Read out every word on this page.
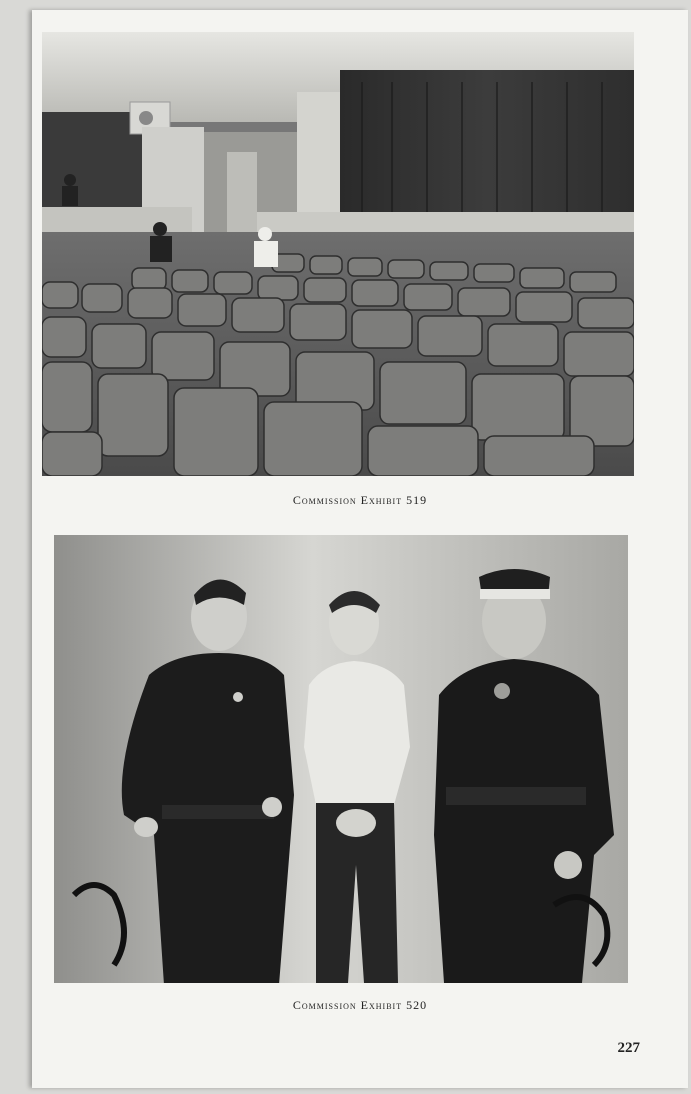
Commission Exhibit 519
Commission Exhibit 520
227
